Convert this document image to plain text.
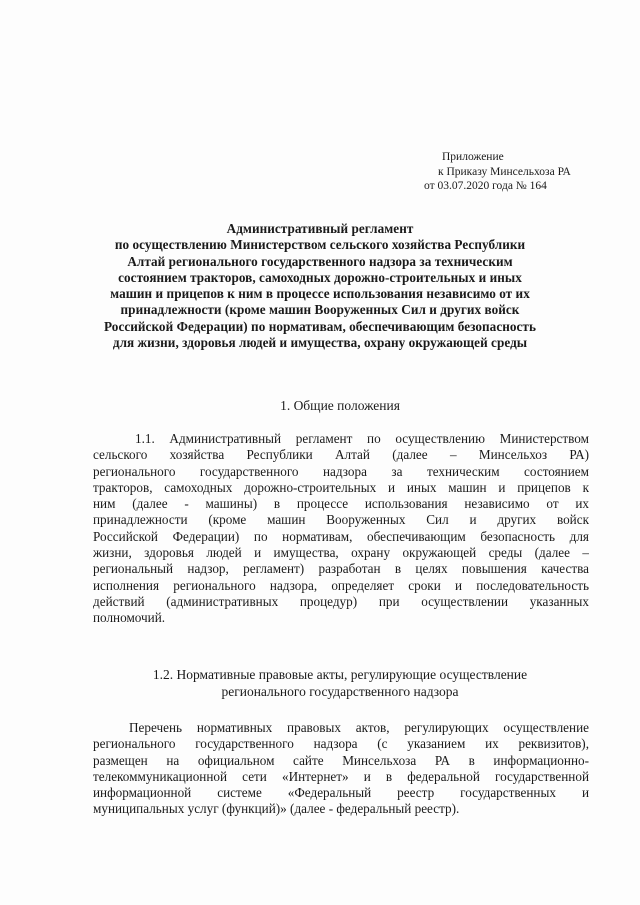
Приложение
к Приказу Минсельхоза РА
от 03.07.2020 года № 164
Административный регламент
по осуществлению Министерством сельского хозяйства Республики
Алтай регионального государственного надзора за техническим
состоянием тракторов, самоходных дорожно-строительных и иных
машин и прицепов к ним в процессе использования независимо от их
принадлежности (кроме машин Вооруженных Сил и других войск
Российской Федерации) по нормативам, обеспечивающим безопасность
для жизни, здоровья людей и имущества, охрану окружающей среды
1. Общие положения
1.1. Административный регламент по осуществлению Министерством
сельского хозяйства Республики Алтай (далее – Минсельхоз РА)
регионального государственного надзора за техническим состоянием
тракторов, самоходных дорожно-строительных и иных машин и прицепов к
ним (далее - машины) в процессе использования независимо от их
принадлежности (кроме машин Вооруженных Сил и других войск
Российской Федерации) по нормативам, обеспечивающим безопасность для
жизни, здоровья людей и имущества, охрану окружающей среды (далее –
региональный надзор, регламент) разработан в целях повышения качества
исполнения регионального надзора, определяет сроки и последовательность
действий (административных процедур) при осуществлении указанных
полномочий.
1.2. Нормативные правовые акты, регулирующие осуществление
регионального государственного надзора
Перечень нормативных правовых актов, регулирующих осуществление
регионального государственного надзора (с указанием их реквизитов),
размещен на официальном сайте Минсельхоза РА в информационно-
телекоммуникационной сети «Интернет» и в федеральной государственной
информационной системе «Федеральный реестр государственных и
муниципальных услуг (функций)» (далее - федеральный реестр).
